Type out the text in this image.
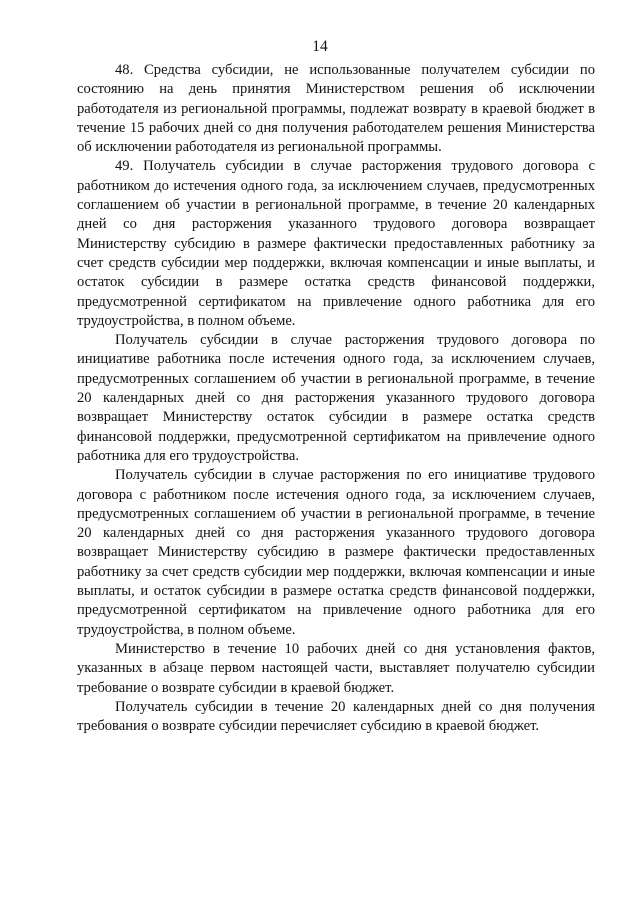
14

48. Средства субсидии, не использованные получателем субсидии по состоянию на день принятия Министерством решения об исключении работодателя из региональной программы, подлежат возврату в краевой бюджет в течение 15 рабочих дней со дня получения работодателем решения Министерства об исключении работодателя из региональной программы.

49. Получатель субсидии в случае расторжения трудового договора с работником до истечения одного года, за исключением случаев, предусмотренных соглашением об участии в региональной программе, в течение 20 календарных дней со дня расторжения указанного трудового договора возвращает Министерству субсидию в размере фактически предоставленных работнику за счет средств субсидии мер поддержки, включая компенсации и иные выплаты, и остаток субсидии в размере остатка средств финансовой поддержки, предусмотренной сертификатом на привлечение одного работника для его трудоустройства, в полном объеме.

Получатель субсидии в случае расторжения трудового договора по инициативе работника после истечения одного года, за исключением случаев, предусмотренных соглашением об участии в региональной программе, в течение 20 календарных дней со дня расторжения указанного трудового договора возвращает Министерству остаток субсидии в размере остатка средств финансовой поддержки, предусмотренной сертификатом на привлечение одного работника для его трудоустройства.

Получатель субсидии в случае расторжения по его инициативе трудового договора с работником после истечения одного года, за исключением случаев, предусмотренных соглашением об участии в региональной программе, в течение 20 календарных дней со дня расторжения указанного трудового договора возвращает Министерству субсидию в размере фактически предоставленных работнику за счет средств субсидии мер поддержки, включая компенсации и иные выплаты, и остаток субсидии в размере остатка средств финансовой поддержки, предусмотренной сертификатом на привлечение одного работника для его трудоустройства, в полном объеме.

Министерство в течение 10 рабочих дней со дня установления фактов, указанных в абзаце первом настоящей части, выставляет получателю субсидии требование о возврате субсидии в краевой бюджет.

Получатель субсидии в течение 20 календарных дней со дня получения требования о возврате субсидии перечисляет субсидию в краевой бюджет.
